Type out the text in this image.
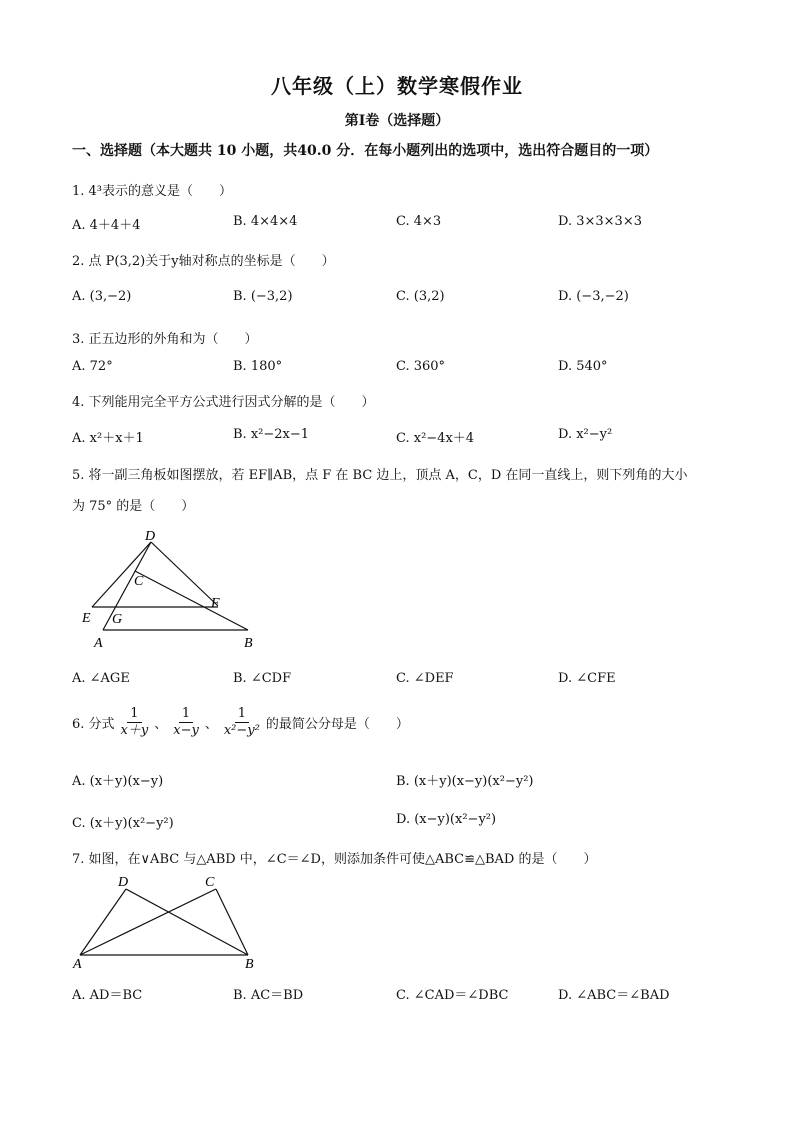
八年级（上）数学寒假作业
第Ⅰ卷（选择题）
一、选择题（本大题共 10 小题，共40.0 分．在每小题列出的选项中，选出符合题目的一项）
1. 4³表示的意义是（　　）
A. 4＋4＋4	B. 4×4×4	C. 4×3	D. 3×3×3×3
2. 点 P(3,2)关于y轴对称点的坐标是（　　）
A. (3,−2)	B. (−3,2)	C. (3,2)	D. (−3,−2)
3. 正五边形的外角和为（　　）
A. 72°	B. 180°	C. 360°	D. 540°
4. 下列能用完全平方公式进行因式分解的是（　　）
A. x²＋x＋1	B. x²−2x−1	C. x²−4x＋4	D. x²−y²
5. 将一副三角板如图摆放，若 EF∥AB，点 F 在 BC 边上，顶点 A，C，D 在同一直线上，则下列角的大小
为 75° 的是（　　）
D
C
F
E G
A	B
A. ∠AGE	B. ∠CDF	C. ∠DEF	D. ∠CFE
6. 分式 $\frac{1}{x+y}$ 、 $\frac{1}{x-y}$ 、 $\frac{1}{\text{x²−y²}}$ 的最简公分母是（　　）
A. (x＋y)(x−y)	B. (x＋y)(x−y)(x²−y²)
C. (x＋y)(x²−y²)	D. (x−y)(x²−y²)
7. 如图，在∨ABC 与△ABD 中，∠C＝∠D，则添加条件可使△ABC≌△BAD 的是（　　）
D	C
A	B
A. AD＝BC	B. AC＝BD	C. ∠CAD＝∠DBC	D. ∠ABC＝∠BAD
